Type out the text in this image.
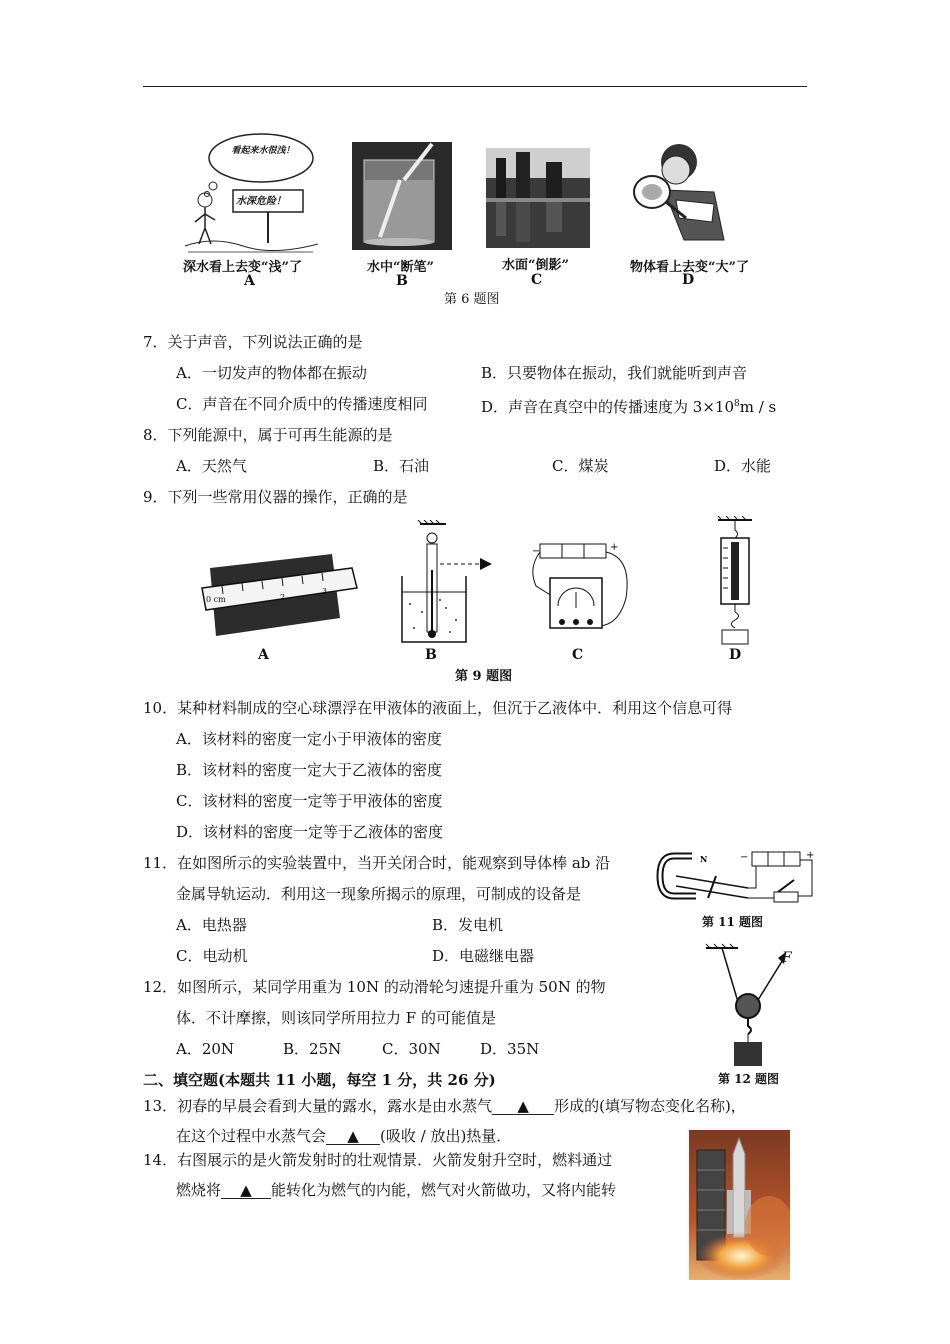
看起来水很浅！
水深危险！
深水看上去变“浅”了	水中“断笔”	水面“倒影”	物体看上去变“大”了
A	B	C	D
第 6 题图
7．关于声音，下列说法正确的是
A．一切发声的物体都在振动	B．只要物体在振动，我们就能听到声音
C．声音在不同介质中的传播速度相同	D．声音在真空中的传播速度为 $3\times 10^8m / s$
8．下列能源中，属于可再生能源的是
A．天然气	B．石油	C．煤炭	D．水能
9．下列一些常用仪器的操作，正确的是
0 cm	2
3
−	+
A	B	C	D
第 9 题图
10．某种材料制成的空心球漂浮在甲液体的液面上，但沉于乙液体中．利用这个信息可得
A．该材料的密度一定小于甲液体的密度
B．该材料的密度一定大于乙液体的密度
C．该材料的密度一定等于甲液体的密度
D．该材料的密度一定等于乙液体的密度
11．在如图所示的实验装置中，当开关闭合时，能观察到导体棒 ab 沿
金属导轨运动．利用这一现象所揭示的原理，可制成的设备是
A．电热器	B．发电机
C．电动机	D．电磁继电器
N	−	+
第 11 题图
12．如图所示，某同学用重为 10N 的动滑轮匀速提升重为 50N 的物
体．不计摩擦，则该同学所用拉力 F 的可能值是
A．20N	B．25N	C．30N	D．35N
F
第 12 题图
二、填空题(本题共 11 小题，每空 1 分，共 26 分)
13．初春的早晨会看到大量的露水，露水是由水蒸气 ▲ 形成的(填写物态变化名称)，
在这个过程中水蒸气会 ▲ (吸收 / 放出)热量．
14．右图展示的是火箭发射时的壮观情景．火箭发射升空时，燃料通过
燃烧将 ▲ 能转化为燃气的内能，燃气对火箭做功，又将内能转
